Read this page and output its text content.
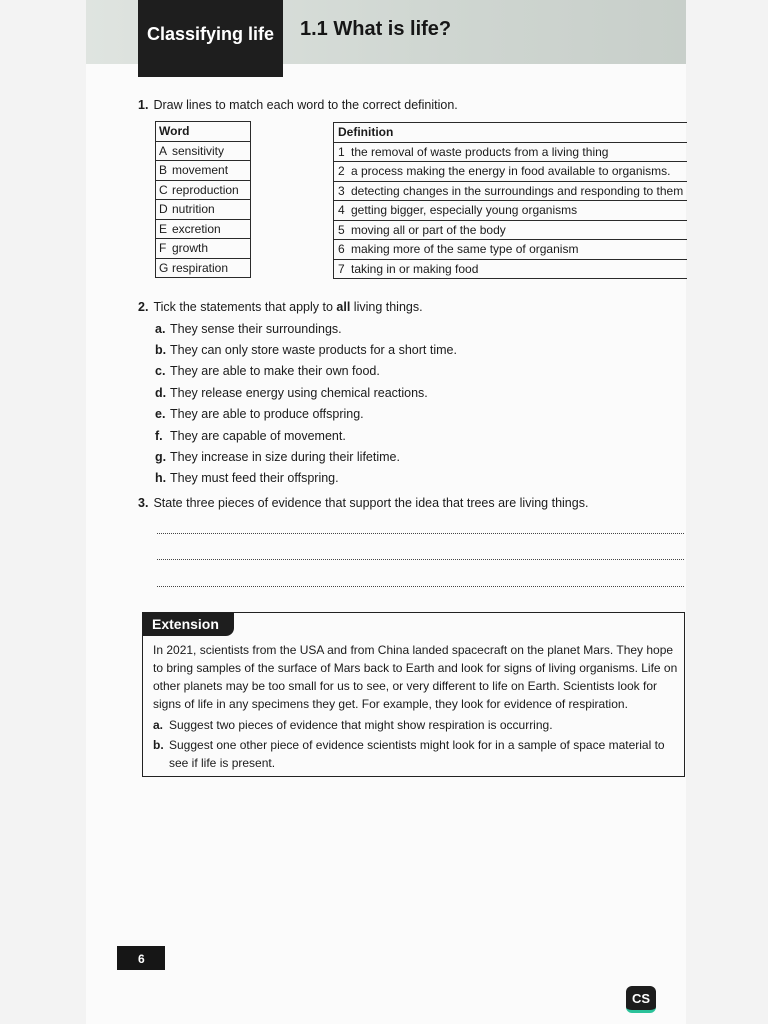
Classifying life 1.1 What is life?
1. Draw lines to match each word to the correct definition.
Word
A sensitivity
B movement
C reproduction
D nutrition
E excretion
F growth
G respiration
Definition
1 the removal of waste products from a living thing
2 a process making the energy in food available to organisms.
3 detecting changes in the surroundings and responding to them
4 getting bigger, especially young organisms
5 moving all or part of the body
6 making more of the same type of organism
7 taking in or making food
2. Tick the statements that apply to all living things.
a. They sense their surroundings.
b. They can only store waste products for a short time.
c. They are able to make their own food.
d. They release energy using chemical reactions.
e. They are able to produce offspring.
f. They are capable of movement.
g. They increase in size during their lifetime.
h. They must feed their offspring.
3. State three pieces of evidence that support the idea that trees are living things.
Extension
In 2021, scientists from the USA and from China landed spacecraft on the planet Mars. They hope to bring samples of the surface of Mars back to Earth and look for signs of living organisms. Life on other planets may be too small for us to see, or very different to life on Earth. Scientists look for signs of life in any specimens they get. For example, they look for evidence of respiration.
a. Suggest two pieces of evidence that might show respiration is occurring.
b. Suggest one other piece of evidence scientists might look for in a sample of space material to see if life is present.
6
CS
